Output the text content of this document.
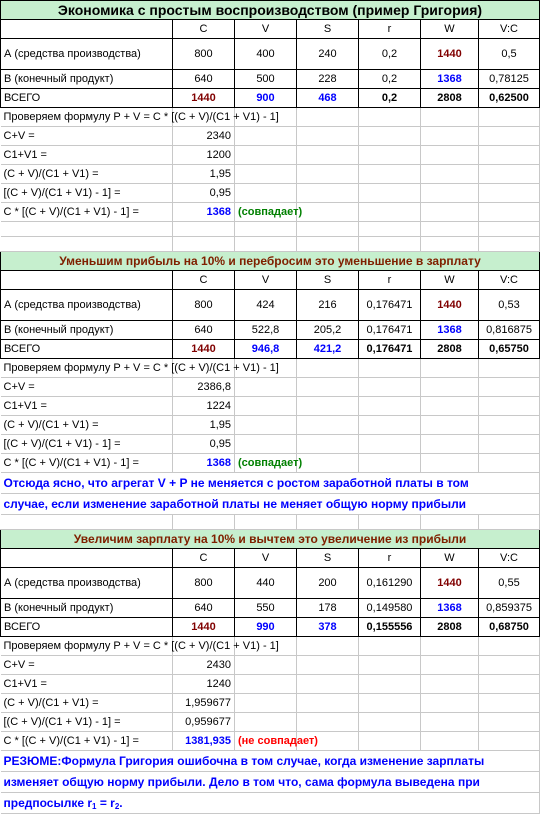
Экономика с простым воспроизводством (пример Григория)						
	C	V	S	r	W	V:C
А (средства производства)	800	400	240	0,2	1440	0,5
В (конечный продукт)	640	500	228	0,2	1368	0,78125
ВСЕГО	1440	900	468	0,2	2808	0,62500
Проверяем формулу P + V = C * [(C + V)/(C1 + V1) - 1]						
C+V =	2340					
C1+V1 =	1200					
(C + V)/(C1 + V1) =	1,95					
[(C + V)/(C1 + V1) - 1] =	0,95					
C * [(C + V)/(C1 + V1) - 1] =	1368	(совпадает)				

Уменьшим прибыль на 10% и перебросим это уменьшение в зарплату						
	C	V	S	r	W	V:C
А (средства производства)	800	424	216	0,176471	1440	0,53
В (конечный продукт)	640	522,8	205,2	0,176471	1368	0,816875
ВСЕГО	1440	946,8	421,2	0,176471	2808	0,65750
Проверяем формулу P + V = C * [(C + V)/(C1 + V1) - 1]						
C+V =	2386,8					
C1+V1 =	1224					
(C + V)/(C1 + V1) =	1,95					
[(C + V)/(C1 + V1) - 1] =	0,95					
C * [(C + V)/(C1 + V1) - 1] =	1368	(совпадает)				
Отсюда ясно, что агрегат V + P не меняется с ростом заработной платы в том						
случае, если изменение заработной платы не меняет общую норму прибыли						

Увеличим зарплату на 10% и вычтем это увеличение из прибыли						
	C	V	S	r	W	V:C
А (средства производства)	800	440	200	0,161290	1440	0,55
В (конечный продукт)	640	550	178	0,149580	1368	0,859375
ВСЕГО	1440	990	378	0,155556	2808	0,68750
Проверяем формулу P + V = C * [(C + V)/(C1 + V1) - 1]						
C+V =	2430					
C1+V1 =	1240					
(C + V)/(C1 + V1) =	1,959677					
[(C + V)/(C1 + V1) - 1] =	0,959677					
C * [(C + V)/(C1 + V1) - 1] =	1381,935	(не совпадает)				
РЕЗЮМЕ:Формула Григория ошибочна в том случае, когда изменение зарплаты						
изменяет общую норму прибыли. Дело в том что, сама формула выведена при						
предпосылке $r_1 = r_2$.						
